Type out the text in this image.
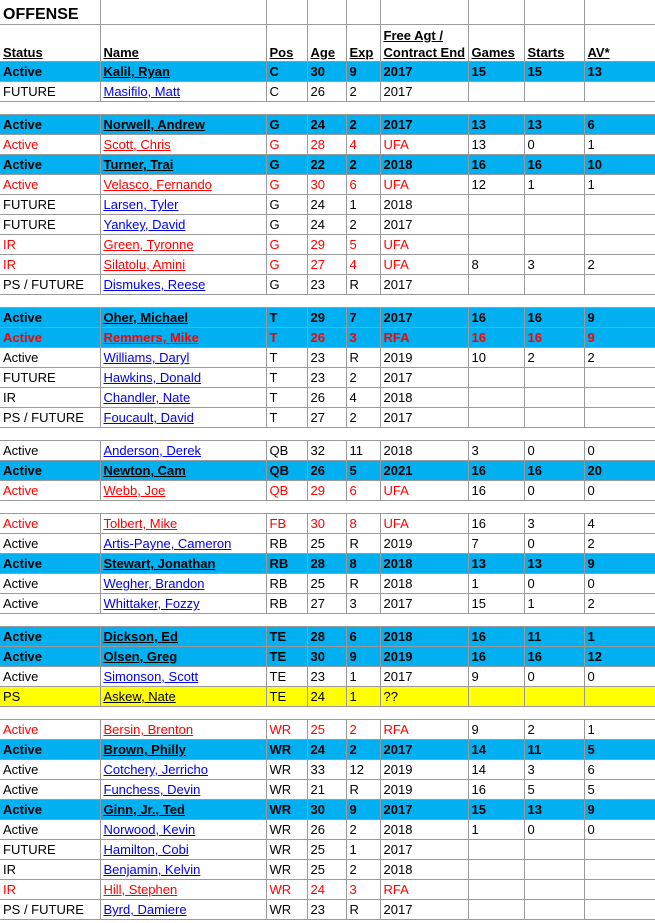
OFFENSE								
Status	Name	Pos	Age	Exp	Free Agt /
Contract End	Games	Starts	AV*
Active	Kalil, Ryan	C	30	9	2017	15	15	13
FUTURE	Masifilo, Matt	C	26	2	2017			

Active	Norwell, Andrew	G	24	2	2017	13	13	6
Active	Scott, Chris	G	28	4	UFA	13	0	1
Active	Turner, Trai	G	22	2	2018	16	16	10
Active	Velasco, Fernando	G	30	6	UFA	12	1	1
FUTURE	Larsen, Tyler	G	24	1	2018			
FUTURE	Yankey, David	G	24	2	2017			
IR	Green, Tyronne	G	29	5	UFA			
IR	Silatolu, Amini	G	27	4	UFA	8	3	2
PS / FUTURE	Dismukes, Reese	G	23	R	2017			

Active	Oher, Michael	T	29	7	2017	16	16	9
Active	Remmers, Mike	T	26	3	RFA	16	16	9
Active	Williams, Daryl	T	23	R	2019	10	2	2
FUTURE	Hawkins, Donald	T	23	2	2017			
IR	Chandler, Nate	T	26	4	2018			
PS / FUTURE	Foucault, David	T	27	2	2017			

Active	Anderson, Derek	QB	32	11	2018	3	0	0
Active	Newton, Cam	QB	26	5	2021	16	16	20
Active	Webb, Joe	QB	29	6	UFA	16	0	0

Active	Tolbert, Mike	FB	30	8	UFA	16	3	4
Active	Artis-Payne, Cameron	RB	25	R	2019	7	0	2
Active	Stewart, Jonathan	RB	28	8	2018	13	13	9
Active	Wegher, Brandon	RB	25	R	2018	1	0	0
Active	Whittaker, Fozzy	RB	27	3	2017	15	1	2

Active	Dickson, Ed	TE	28	6	2018	16	11	1
Active	Olsen, Greg	TE	30	9	2019	16	16	12
Active	Simonson, Scott	TE	23	1	2017	9	0	0
PS	Askew, Nate	TE	24	1	??			

Active	Bersin, Brenton	WR	25	2	RFA	9	2	1
Active	Brown, Philly	WR	24	2	2017	14	11	5
Active	Cotchery, Jerricho	WR	33	12	2019	14	3	6
Active	Funchess, Devin	WR	21	R	2019	16	5	5
Active	Ginn, Jr., Ted	WR	30	9	2017	15	13	9
Active	Norwood, Kevin	WR	26	2	2018	1	0	0
FUTURE	Hamilton, Cobi	WR	25	1	2017			
IR	Benjamin, Kelvin	WR	25	2	2018			
IR	Hill, Stephen	WR	24	3	RFA			
PS / FUTURE	Byrd, Damiere	WR	23	R	2017			
